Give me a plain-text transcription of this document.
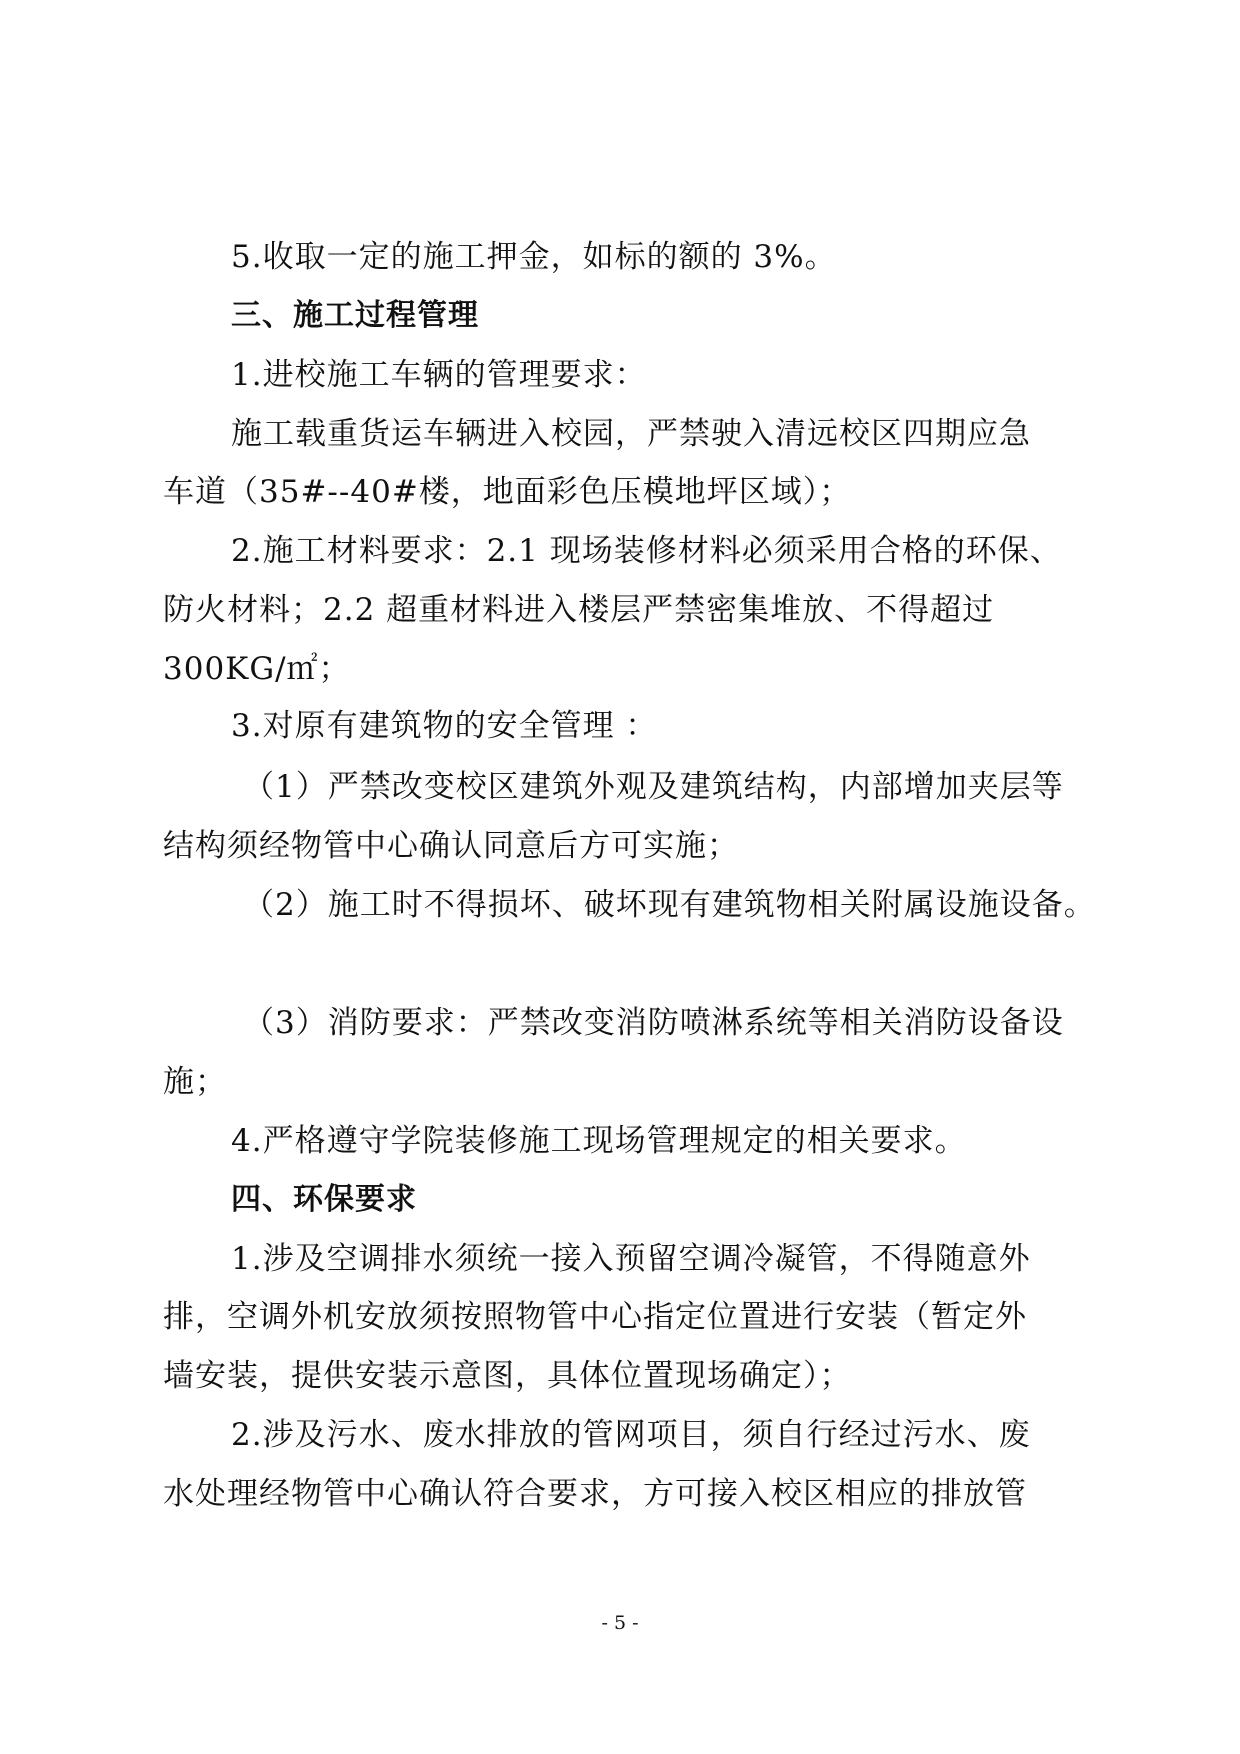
5.收取一定的施工押金，如标的额的 3%。
三、施工过程管理
1.进校施工车辆的管理要求：
施工载重货运车辆进入校园，严禁驶入清远校区四期应急
车道（35#--40#楼，地面彩色压模地坪区域）；
2.施工材料要求：2.1 现场装修材料必须采用合格的环保、
防火材料；2.2 超重材料进入楼层严禁密集堆放、不得超过
300KG/㎡；
3.对原有建筑物的安全管理 ：
（1）严禁改变校区建筑外观及建筑结构，内部增加夹层等
结构须经物管中心确认同意后方可实施；
（2）施工时不得损坏、破坏现有建筑物相关附属设施设备。
（3）消防要求：严禁改变消防喷淋系统等相关消防设备设
施；
4.严格遵守学院装修施工现场管理规定的相关要求。
四、环保要求
1.涉及空调排水须统一接入预留空调冷凝管，不得随意外
排，空调外机安放须按照物管中心指定位置进行安装（暂定外
墙安装，提供安装示意图，具体位置现场确定）；
2.涉及污水、废水排放的管网项目，须自行经过污水、废
水处理经物管中心确认符合要求，方可接入校区相应的排放管
- 5 -
